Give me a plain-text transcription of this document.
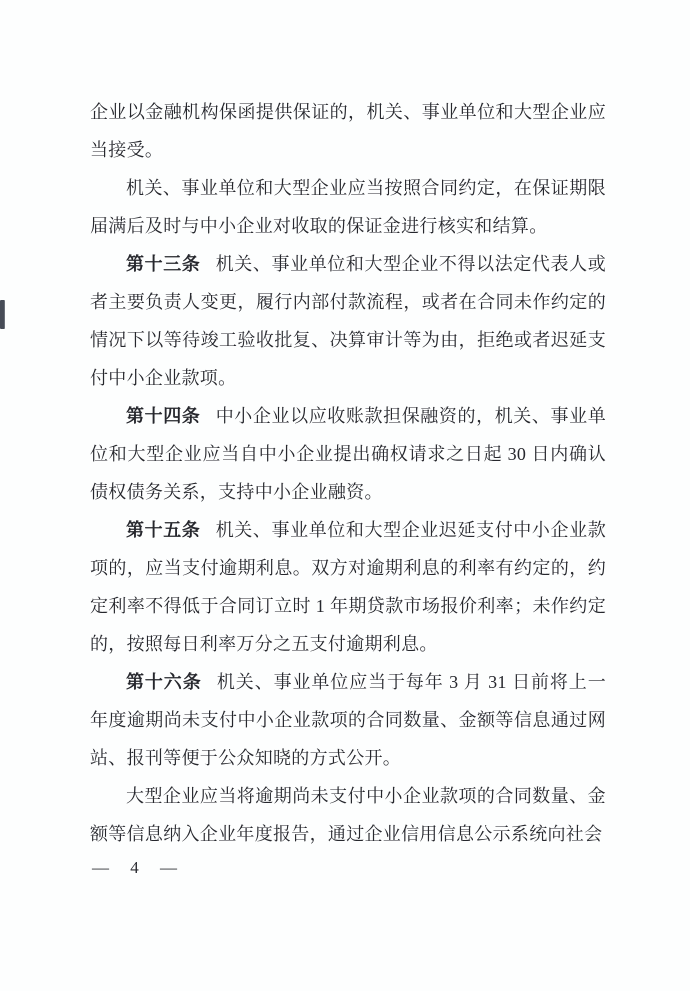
企业以金融机构保函提供保证的，机关、事业单位和大型企业应当接受。

机关、事业单位和大型企业应当按照合同约定，在保证期限届满后及时与中小企业对收取的保证金进行核实和结算。

第十三条 机关、事业单位和大型企业不得以法定代表人或者主要负责人变更，履行内部付款流程，或者在合同未作约定的情况下以等待竣工验收批复、决算审计等为由，拒绝或者迟延支付中小企业款项。

第十四条 中小企业以应收账款担保融资的，机关、事业单位和大型企业应当自中小企业提出确权请求之日起 30 日内确认债权债务关系，支持中小企业融资。

第十五条 机关、事业单位和大型企业迟延支付中小企业款项的，应当支付逾期利息。双方对逾期利息的利率有约定的，约定利率不得低于合同订立时 1 年期贷款市场报价利率；未作约定的，按照每日利率万分之五支付逾期利息。

第十六条 机关、事业单位应当于每年 3 月 31 日前将上一年度逾期尚未支付中小企业款项的合同数量、金额等信息通过网站、报刊等便于公众知晓的方式公开。

大型企业应当将逾期尚未支付中小企业款项的合同数量、金额等信息纳入企业年度报告，通过企业信用信息公示系统向社会

— 4 —
